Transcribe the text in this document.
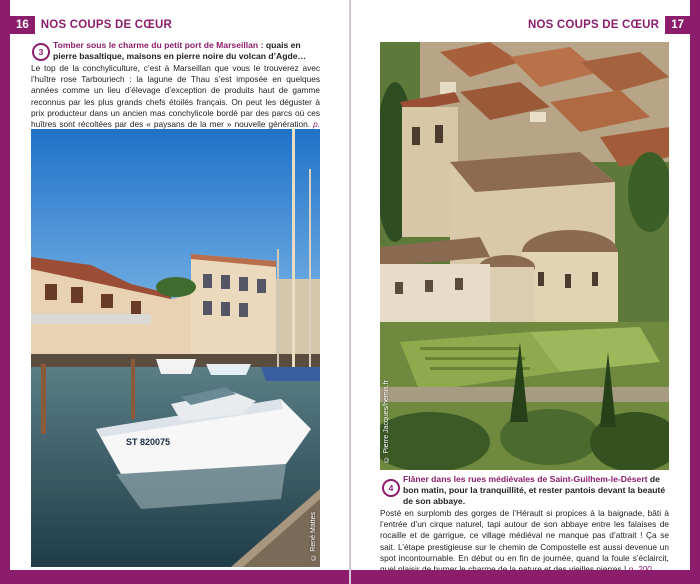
16 NOS COUPS DE CŒUR
3
Tomber sous le charme du petit port de Marseillan : quais en pierre basaltique, maisons en pierre noire du volcan d’Agde…
Le top de la conchyliculture, c’est à Marseillan que vous le trouverez avec l’huître rose Tarbouriech : la lagune de Thau s’est imposée en quelques années comme un lieu d’élevage d’exception de produits haut de gamme reconnus par les plus grands chefs étoilés français. On peut les déguster à prix producteur dans un ancien mas conchylicole bordé par des parcs où ces huîtres sont récoltées par des « paysans de la mer » nouvelle génération. p.
ST 820075
© René Mattes
NOS COUPS DE CŒUR 17
© Pierre Jacques/hemis.fr
4
Flâner dans les rues médiévales de Saint-Guilhem-le-Désert de bon matin, pour la tranquillité, et rester pantois devant la beauté de son abbaye.
Posté en surplomb des gorges de l’Hérault si propices à la baignade, bâti à l’entrée d’un cirque naturel, tapi autour de son abbaye entre les falaises de rocaille et de garrigue, ce village médiéval ne manque pas d’attrait ! Ça se sait. L’étape prestigieuse sur le chemin de Compostelle est aussi devenue un spot incontournable. En début ou en fin de journée, quand la foule s’éclaircit,
